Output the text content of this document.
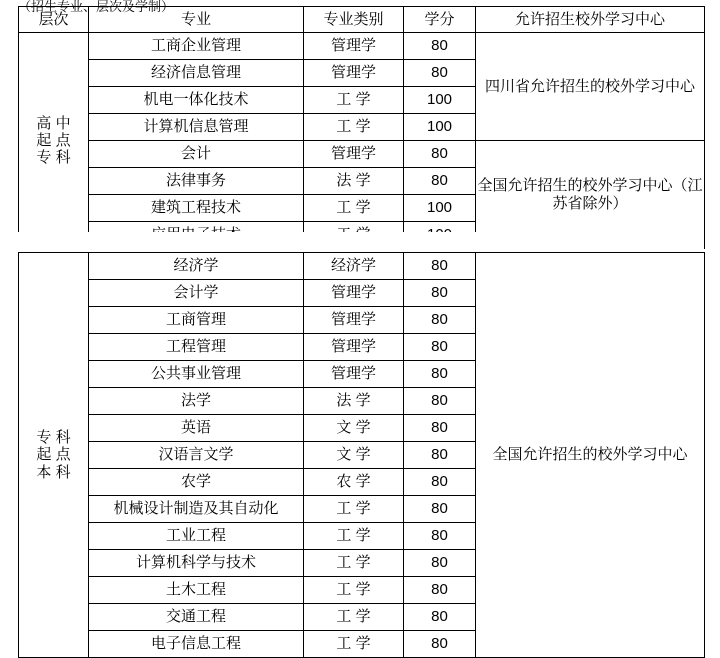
（招生专业、层次及学制）
层次	专业	专业类别	学分	允许招生校外学习中心

高 中
起 点
专 科	工商企业管理	管理学	80	四川省允许招生的校外学习中心
	经济信息管理	管理学	80	
	机电一体化技术	工 学	100	
	计算机信息管理	工 学	100	
	会计	管理学	80	全国允许招生的校外学习中心（江苏省除外）
	法律事务	法 学	80	
	建筑工程技术	工 学	100	

专 科
起 点
本 科	经济学	经济学	80	全国允许招生的校外学习中心
	会计学	管理学	80	
	工商管理	管理学	80	
	工程管理	管理学	80	
	公共事业管理	管理学	80	
	法学	法 学	80	
	英语	文 学	80	
	汉语言文学	文 学	80	
	农学	农 学	80	
	机械设计制造及其自动化	工 学	80	
	工业工程	工 学	80	
	计算机科学与技术	工 学	80	
	土木工程	工 学	80	
	交通工程	工 学	80	
	电子信息工程	工 学	80	
